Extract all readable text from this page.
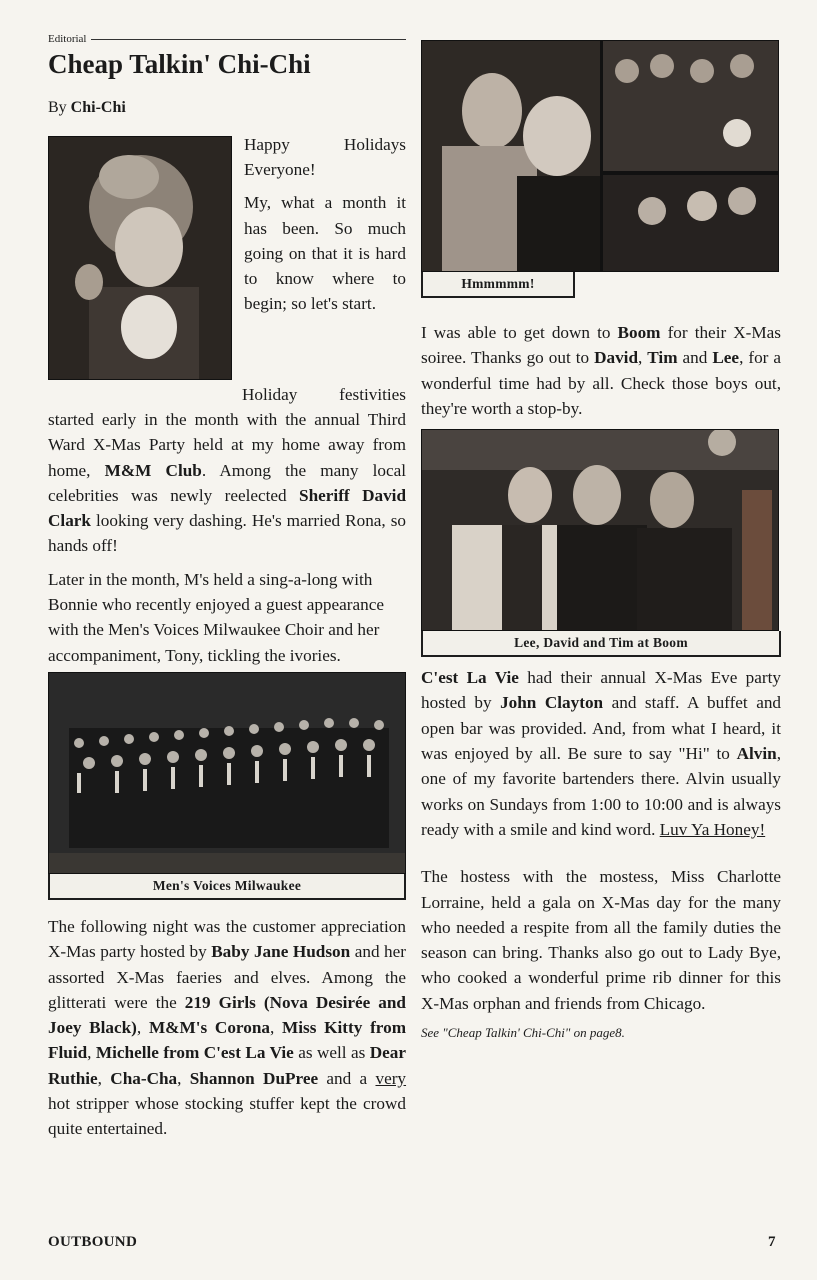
Editorial
Cheap Talkin' Chi-Chi
By Chi-Chi

Happy Holidays Everyone!

My, what a month it has been. So much going on that it is hard to know where to begin; so let's start.

Holiday festivities started early in the month with the annual Third Ward X-Mas Party held at my home away from home, M&M Club. Among the many local celebrities was newly reelected Sheriff David Clark looking very dashing. He's married Rona, so hands off!

Later in the month, M's held a sing-a-long with Bonnie who recently enjoyed a guest appearance with the Men's Voices Milwaukee Choir and her accompaniment, Tony, tickling the ivories.

Men's Voices Milwaukee

The following night was the customer appreciation X-Mas party hosted by Baby Jane Hudson and her assorted X-Mas faeries and elves. Among the glitterati were the 219 Girls (Nova Desirée and Joey Black), M&M's Corona, Miss Kitty from Fluid, Michelle from C'est La Vie as well as Dear Ruthie, Cha-Cha, Shannon DuPree and a very hot stripper whose stocking stuffer kept the crowd quite entertained.

Hmmmmm!

I was able to get down to Boom for their X-Mas soiree. Thanks go out to David, Tim and Lee, for a wonderful time had by all. Check those boys out, they're worth a stop-by.

Lee, David and Tim at Boom

C'est La Vie had their annual X-Mas Eve party hosted by John Clayton and staff. A buffet and open bar was provided. And, from what I heard, it was enjoyed by all. Be sure to say "Hi" to Alvin, one of my favorite bartenders there. Alvin usually works on Sundays from 1:00 to 10:00 and is always ready with a smile and kind word. Luv Ya Honey!

The hostess with the mostess, Miss Charlotte Lorraine, held a gala on X-Mas day for the many who needed a respite from all the family duties the season can bring. Thanks also go out to Lady Bye, who cooked a wonderful prime rib dinner for this X-Mas orphan and friends from Chicago.

See "Cheap Talkin' Chi-Chi" on page8.
OUTBOUND	7
